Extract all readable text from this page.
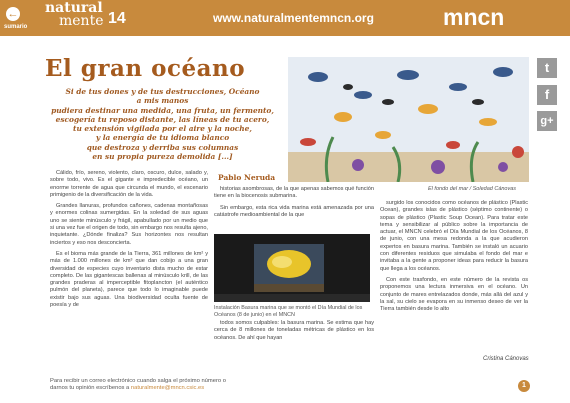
←
sumario
natural
mente 14	www.naturalmentemncn.org	mncn
t
f
g+
El gran océano
Si de tus dones y de tus destrucciones, Océano
a mis manos
pudiera destinar una medida, una fruta, un fermento,
escogería tu reposo distante, las líneas de tu acero,
tu extensión vigilada por el aire y la noche,
y la energía de tu idioma blanco
que destroza y derriba sus columnas
en su propia pureza demolida [...]
Pablo Neruda

Cálido, frío, sereno, violento, claro, oscuro, dulce, salado y, sobre todo, vivo. Es el gigante e impredecible océano, un enorme torrente de agua que circunda el mundo, el escenario primigenio de la diversificación de la vida.

Grandes llanuras, profundos cañones, cadenas montañosas y enormes colinas sumergidas. En la soledad de sus aguas uno se siente minúsculo y frágil, apabullado por un medio que si una vez fue el origen de todo, sin embargo nos resulta ajeno, inquietante. ¿Dónde finaliza? Sus horizontes nos resultan inciertos y eso nos desconcierta.

Es el bioma más grande de la Tierra, 361 millones de km² y más de 1.000 millones de km³ que dan cobijo a una gran diversidad de especies cuyo inventario dista mucho de estar completo. De las gigantescas ballenas al minúsculo krill, de las grandes praderas al imperceptible fitoplancton (el auténtico pulmón del planeta), parece que todo lo imaginable puede existir bajo sus aguas. Una biodiversidad oculta fuente de poesía y de

El fondo del mar / Soledad Cánovas

historias asombrosas, de la que apenas sabemos qué función tiene en la biocenosis submarina.

Sin embargo, esta rica vida marina está amenazada por una catástrofe medioambiental de la que

Instalación Basura marina que se montó el Día Mundial de los Océanos (8 de junio) en el MNCN

todos somos culpables: la basura marina. Se estima que hay cerca de 8 millones de toneladas métricas de plástico en los océanos. De ahí que hayan

surgido los conocidos como océanos de plástico (Plastic Ocean), grandes islas de plástico (séptimo continente) o sopas de plástico (Plastic Soup Ocean). Para tratar este tema y sensibilizar al público sobre la importancia de actuar, el MNCN celebró el Día Mundial de los Océanos, 8 de junio, con una mesa redonda a la que acudieron expertos en basura marina. También se instaló un acuario con diferentes residuos que simulaba el fondo del mar e invitaba a la gente a proponer ideas para reducir la basura que llega a los océanos.

Con este trasfondo, en este número de la revista os proponemos una lectura inmersiva en el océano. Un conjunto de mares entrelazados donde, más allá del azul y la sal, su cielo se evapora en su inmenso deseo de ver la Tierra también desde lo alto

Cristina Cánovas
Para recibir un correo electrónico cuando salga el próximo número o
darnos tu opinión escríbenos a naturalmente@mncn.csic.es	1
